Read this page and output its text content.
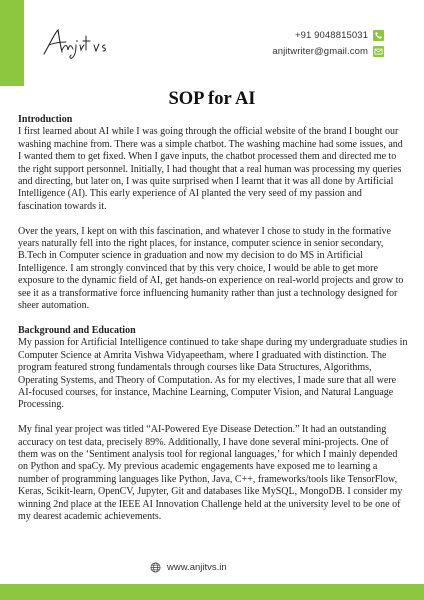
+91 9048815031
anjitwriter@gmail.com
SOP for AI

Introduction

I first learned about AI while I was going through the official website of the brand I bought our washing machine from. There was a simple chatbot. The washing machine had some issues, and I wanted them to get fixed. When I gave inputs, the chatbot processed them and directed me to the right support personnel. Initially, I had thought that a real human was processing my queries and directing, but later on, I was quite surprised when I learnt that it was all done by Artificial Intelligence (AI). This early experience of AI planted the very seed of my passion and fascination towards it.

Over the years, I kept on with this fascination, and whatever I chose to study in the formative years naturally fell into the right places, for instance, computer science in senior secondary, B.Tech in Computer science in graduation and now my decision to do MS in Artificial Intelligence. I am strongly convinced that by this very choice, I would be able to get more exposure to the dynamic field of AI, get hands-on experience on real-world projects and grow to see it as a transformative force influencing humanity rather than just a technology designed for sheer automation.

Background and Education

My passion for Artificial Intelligence continued to take shape during my undergraduate studies in Computer Science at Amrita Vishwa Vidyapeetham, where I graduated with distinction. The program featured strong fundamentals through courses like Data Structures, Algorithms, Operating Systems, and Theory of Computation. As for my electives, I made sure that all were AI-focused courses, for instance, Machine Learning, Computer Vision, and Natural Language Processing.

My final year project was titled “AI-Powered Eye Disease Detection.” It had an outstanding accuracy on test data, precisely 89%. Additionally, I have done several mini-projects. One of them was on the ‘Sentiment analysis tool for regional languages,’ for which I mainly depended on Python and spaCy. My previous academic engagements have exposed me to learning a number of programming languages like Python, Java, C++, frameworks/tools like TensorFlow, Keras, Scikit-learn, OpenCV, Jupyter, Git and databases like MySQL, MongoDB. I consider my winning 2nd place at the IEEE AI Innovation Challenge held at the university level to be one of my dearest academic achievements.

www.anjitvs.in
